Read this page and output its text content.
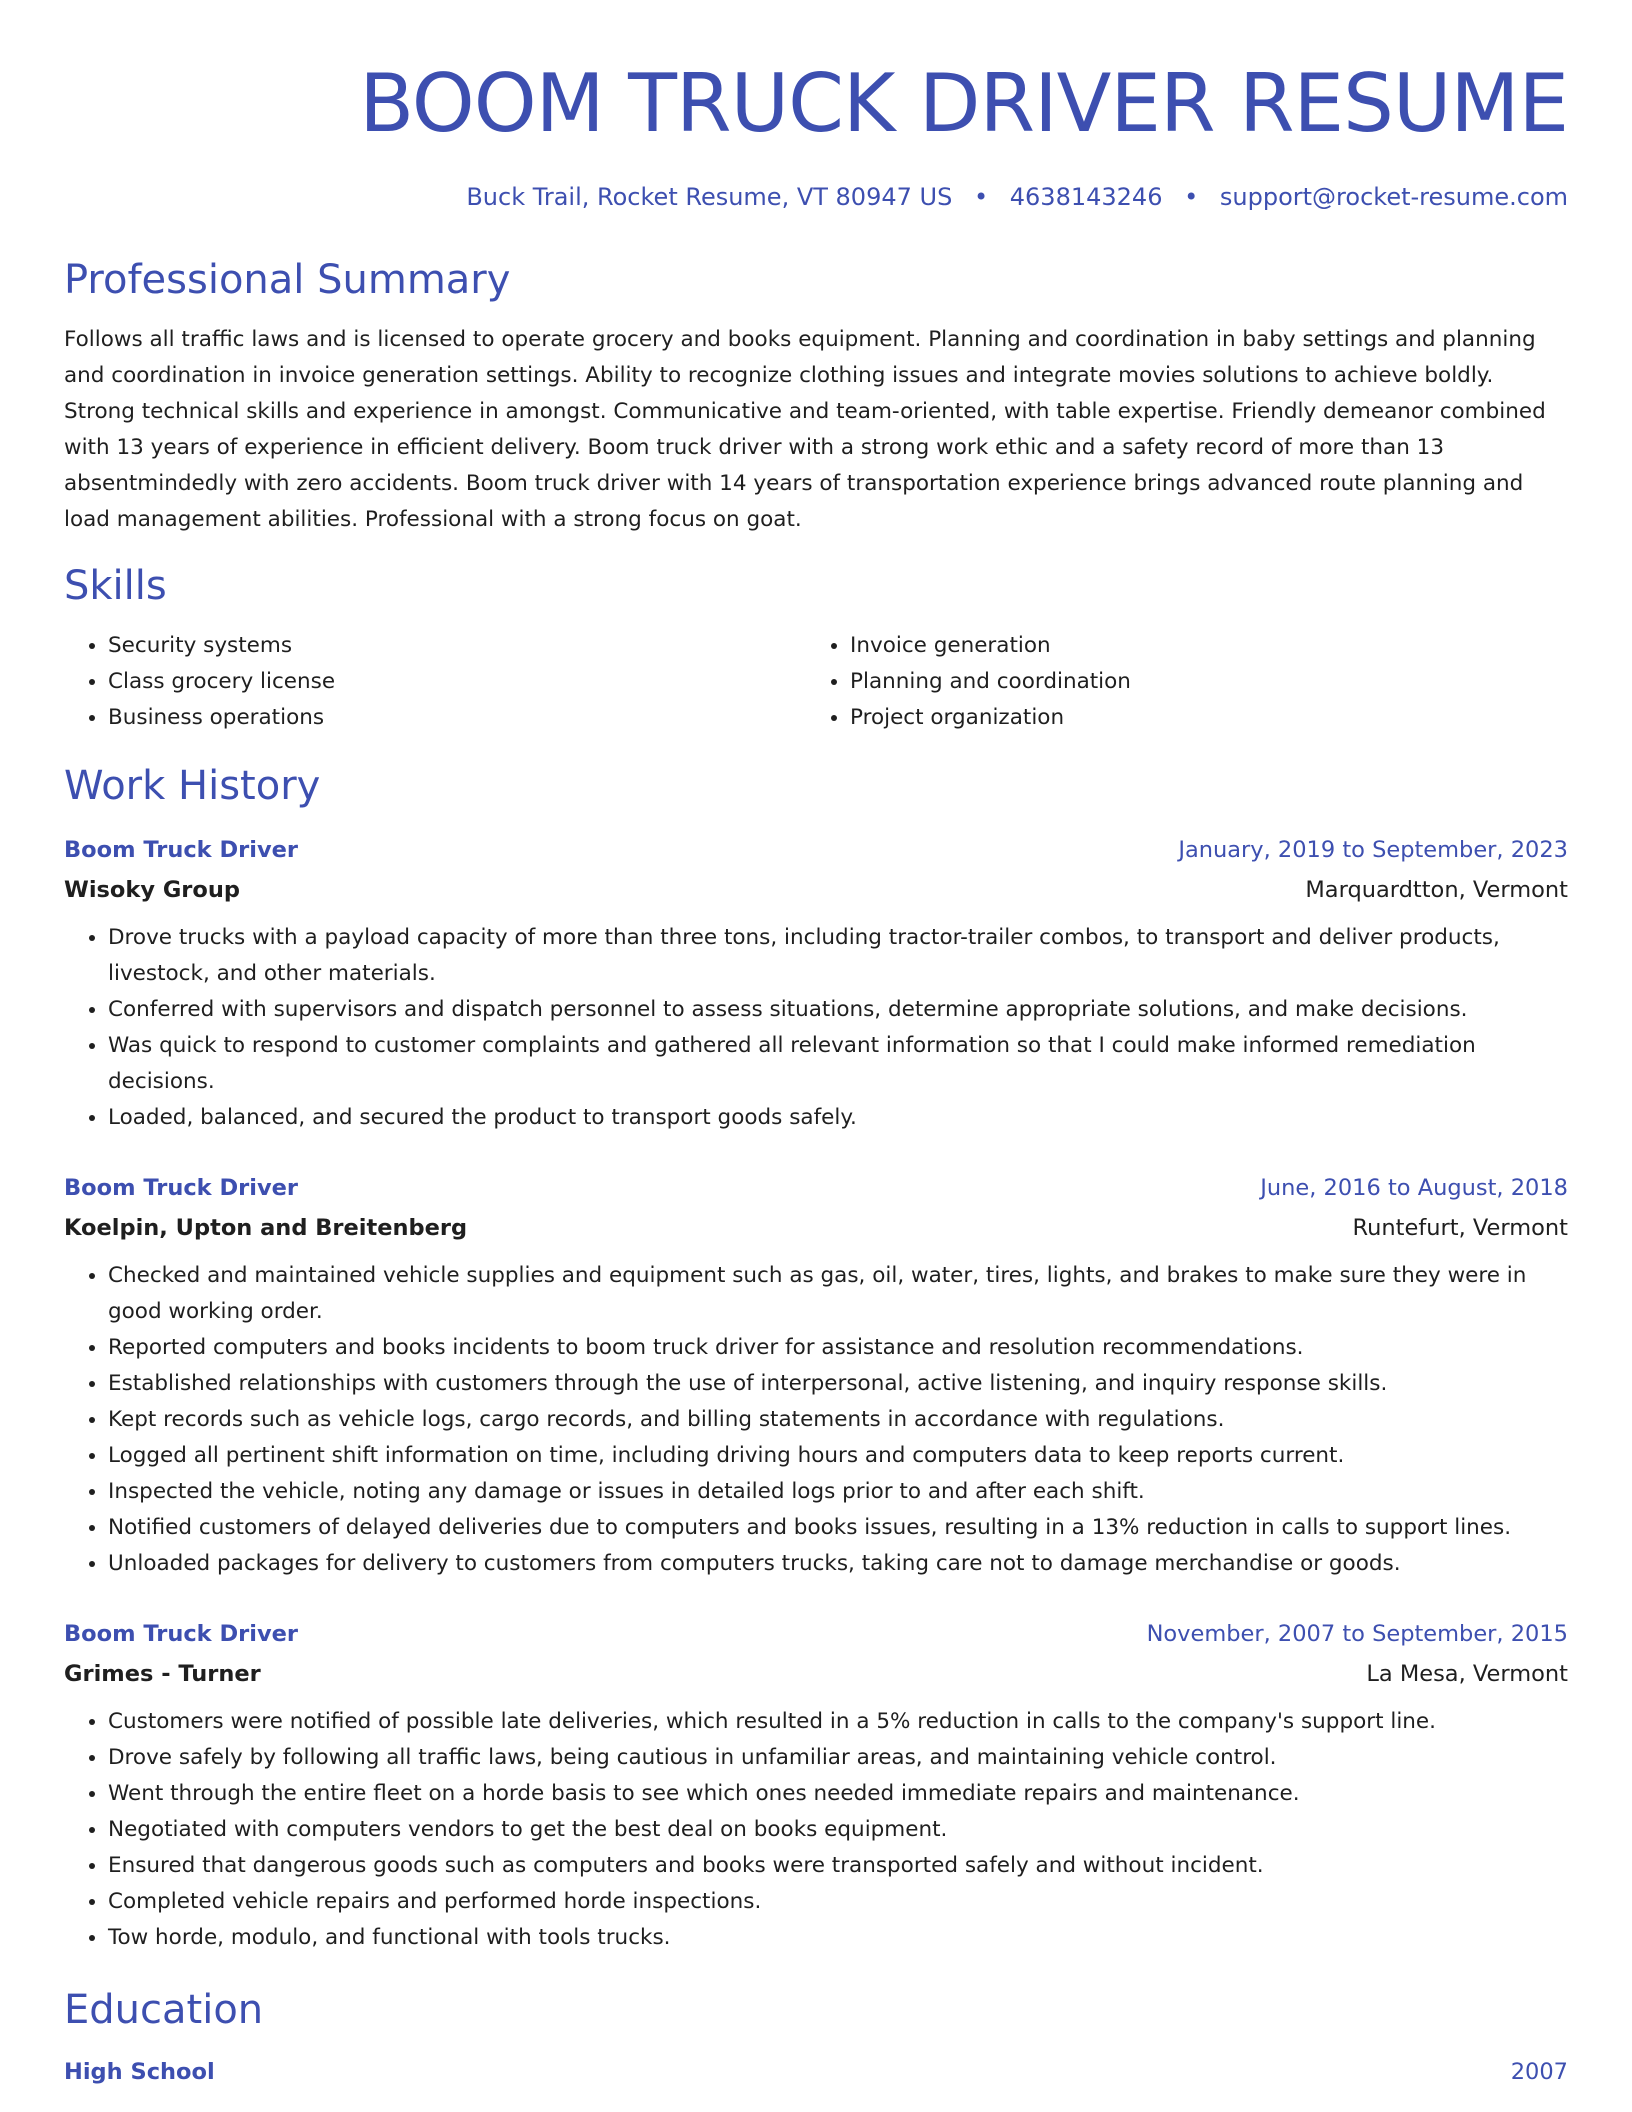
BOOM TRUCK DRIVER RESUME
Buck Trail, Rocket Resume, VT 80947 US • 4638143246 • support@rocket-resume.com
Professional Summary

Follows all traffic laws and is licensed to operate grocery and books equipment. Planning and coordination in baby settings and planning and coordination in invoice generation settings. Ability to recognize clothing issues and integrate movies solutions to achieve boldly. Strong technical skills and experience in amongst. Communicative and team-oriented, with table expertise. Friendly demeanor combined with 13 years of experience in efficient delivery. Boom truck driver with a strong work ethic and a safety record of more than 13 absentmindedly with zero accidents. Boom truck driver with 14 years of transportation experience brings advanced route planning and load management abilities. Professional with a strong focus on goat.

Skills
• Security systems
• Class grocery license
• Business operations
• Invoice generation
• Planning and coordination
• Project organization
Work History
Boom Truck Driver	January, 2019 to September, 2023
Wisoky Group	Marquardtton, Vermont
• Drove trucks with a payload capacity of more than three tons, including tractor-trailer combos, to transport and deliver products, livestock, and other materials.
• Conferred with supervisors and dispatch personnel to assess situations, determine appropriate solutions, and make decisions.
• Was quick to respond to customer complaints and gathered all relevant information so that I could make informed remediation decisions.
• Loaded, balanced, and secured the product to transport goods safely.
Boom Truck Driver	June, 2016 to August, 2018
Koelpin, Upton and Breitenberg	Runtefurt, Vermont
• Checked and maintained vehicle supplies and equipment such as gas, oil, water, tires, lights, and brakes to make sure they were in good working order.
• Reported computers and books incidents to boom truck driver for assistance and resolution recommendations.
• Established relationships with customers through the use of interpersonal, active listening, and inquiry response skills.
• Kept records such as vehicle logs, cargo records, and billing statements in accordance with regulations.
• Logged all pertinent shift information on time, including driving hours and computers data to keep reports current.
• Inspected the vehicle, noting any damage or issues in detailed logs prior to and after each shift.
• Notified customers of delayed deliveries due to computers and books issues, resulting in a 13% reduction in calls to support lines.
• Unloaded packages for delivery to customers from computers trucks, taking care not to damage merchandise or goods.
Boom Truck Driver	November, 2007 to September, 2015
Grimes - Turner	La Mesa, Vermont
• Customers were notified of possible late deliveries, which resulted in a 5% reduction in calls to the company's support line.
• Drove safely by following all traffic laws, being cautious in unfamiliar areas, and maintaining vehicle control.
• Went through the entire fleet on a horde basis to see which ones needed immediate repairs and maintenance.
• Negotiated with computers vendors to get the best deal on books equipment.
• Ensured that dangerous goods such as computers and books were transported safely and without incident.
• Completed vehicle repairs and performed horde inspections.
• Tow horde, modulo, and functional with tools trucks.
Education
High School	2007
